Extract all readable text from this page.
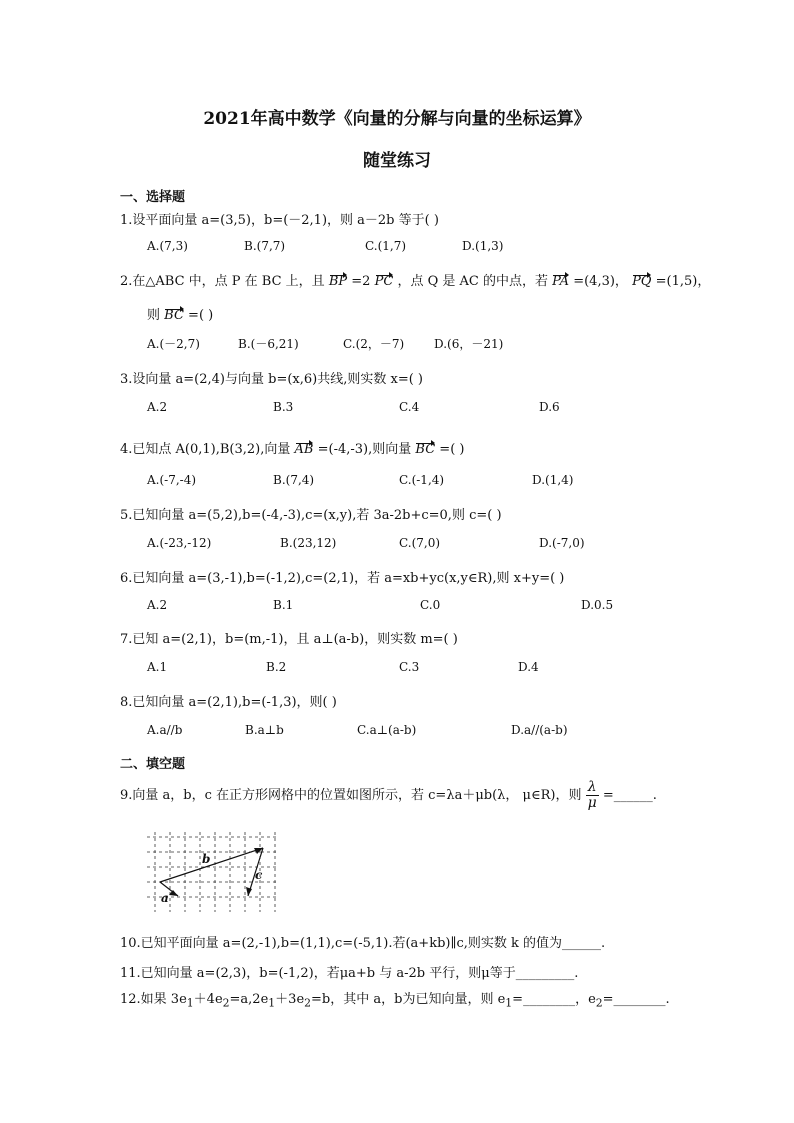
2021年高中数学《向量的分解与向量的坐标运算》
随堂练习
一、选择题
1.设平面向量 a=(3,5)，b=(－2,1)，则 a－2b 等于( )
A.(7,3)	B.(7,7)	C.(1,7)	D.(1,3)
2.在△ABC 中，点 P 在 BC 上，且 BP =2 PC ，点 Q 是 AC 的中点，若 PA =(4,3)， PQ =(1,5)，
则 BC =( )
A.(－2,7)	B.(－6,21)	C.(2，－7) D.(6，－21)
3.设向量 a=(2,4)与向量 b=(x,6)共线,则实数 x=( )
A.2	B.3	C.4	D.6
4.已知点 A(0,1),B(3,2),向量 AB =(-4,-3),则向量 BC =( )
A.(-7,-4)	B.(7,4)	C.(-1,4)	D.(1,4)
5.已知向量 a=(5,2),b=(-4,-3),c=(x,y),若 3a-2b+c=0,则 c=( )
A.(-23,-12)	B.(23,12)	C.(7,0)	D.(-7,0)
6.已知向量 a=(3,-1),b=(-1,2),c=(2,1)，若 a=xb+yc(x,y∈R),则 x+y=( )
A.2	B.1	C.0	D.0.5
7.已知 a=(2,1)，b=(m,-1)，且 a⊥(a-b)，则实数 m=( )
A.1	B.2	C.3	D.4
8.已知向量 a=(2,1),b=(-1,3)，则( )
A.a//b	B.a⊥b	C.a⊥(a-b)	D.a//(a-b)
二、填空题
9.向量 a，b，c 在正方形网格中的位置如图所示，若 c=λa＋μb(λ， μ∈R)，则 $\frac{\lambda}{\mu}$ =______.
b
c
a
10.已知平面向量 a=(2,-1),b=(1,1),c=(-5,1).若(a+kb)∥c,则实数 k 的值为______.
11.已知向量 a=(2,3)，b=(-1,2)，若μa+b 与 a-2b 平行，则μ等于_________.
12.如果 $3e_1+4e_2=a,2e_1+3e_2=b$，其中 a，b为已知向量，则 $e_1=\_\_\_\_\_\_\_\_$，$e_2=\_\_\_\_\_\_\_\_$.
